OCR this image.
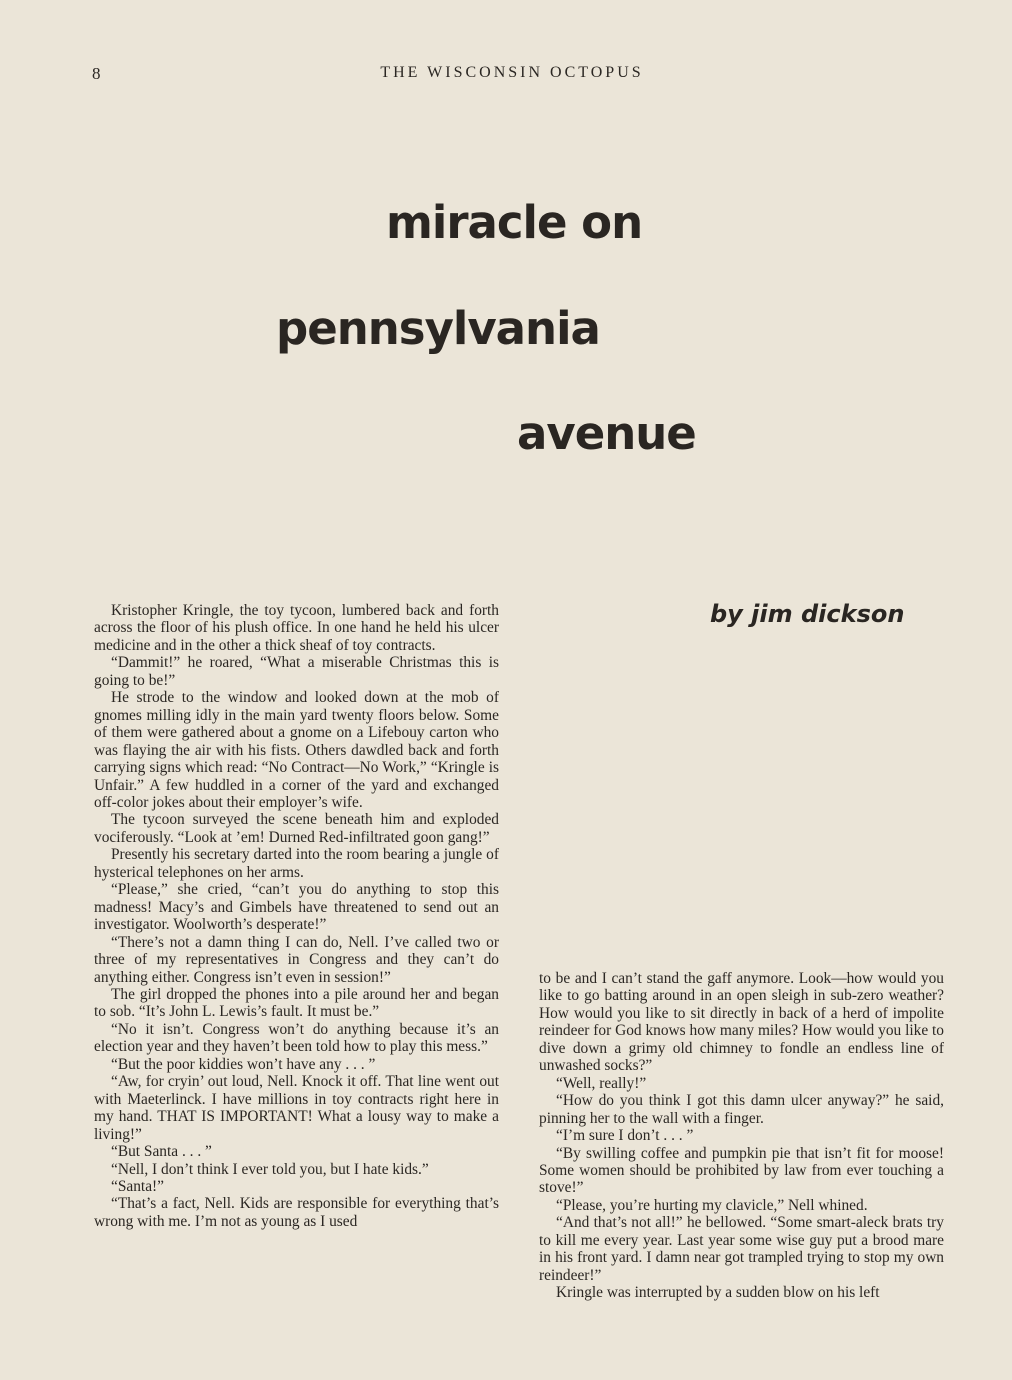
8	THE WISCONSIN OCTOPUS
miracle on
pennsylvania
avenue
by jim dickson

Kristopher Kringle, the toy tycoon, lumbered back and forth across the floor of his plush office. In one hand he held his ulcer medicine and in the other a thick sheaf of toy contracts.

“Dammit!” he roared, “What a miserable Christmas this is going to be!”

He strode to the window and looked down at the mob of gnomes milling idly in the main yard twenty floors below. Some of them were gathered about a gnome on a Lifebouy carton who was flaying the air with his fists. Others dawdled back and forth carrying signs which read: “No Contract—No Work,” “Kringle is Unfair.” A few huddled in a corner of the yard and exchanged off-color jokes about their employer’s wife.

The tycoon surveyed the scene beneath him and exploded vociferously. “Look at ’em! Durned Red-infiltrated goon gang!”

Presently his secretary darted into the room bearing a jungle of hysterical telephones on her arms.

“Please,” she cried, “can’t you do anything to stop this madness! Macy’s and Gimbels have threatened to send out an investigator. Woolworth’s desperate!”

“There’s not a damn thing I can do, Nell. I’ve called two or three of my representatives in Congress and they can’t do anything either. Congress isn’t even in session!”

The girl dropped the phones into a pile around her and began to sob. “It’s John L. Lewis’s fault. It must be.”

“No it isn’t. Congress won’t do anything because it’s an election year and they haven’t been told how to play this mess.”

“But the poor kiddies won’t have any . . . ”

“Aw, for cryin’ out loud, Nell. Knock it off. That line went out with Maeterlinck. I have millions in toy contracts right here in my hand. THAT IS IMPORTANT! What a lousy way to make a living!”

“But Santa . . . ”

“Nell, I don’t think I ever told you, but I hate kids.”

“Santa!”

“That’s a fact, Nell. Kids are responsible for everything that’s wrong with me. I’m not as young as I used

to be and I can’t stand the gaff anymore. Look—how would you like to go batting around in an open sleigh in sub-zero weather? How would you like to sit directly in back of a herd of impolite reindeer for God knows how many miles? How would you like to dive down a grimy old chimney to fondle an endless line of unwashed socks?”

“Well, really!”

“How do you think I got this damn ulcer anyway?” he said, pinning her to the wall with a finger.

“I’m sure I don’t . . . ”

“By swilling coffee and pumpkin pie that isn’t fit for moose! Some women should be prohibited by law from ever touching a stove!”

“Please, you’re hurting my clavicle,” Nell whined.

“And that’s not all!” he bellowed. “Some smart-aleck brats try to kill me every year. Last year some wise guy put a brood mare in his front yard. I damn near got trampled trying to stop my own reindeer!”

Kringle was interrupted by a sudden blow on his left
